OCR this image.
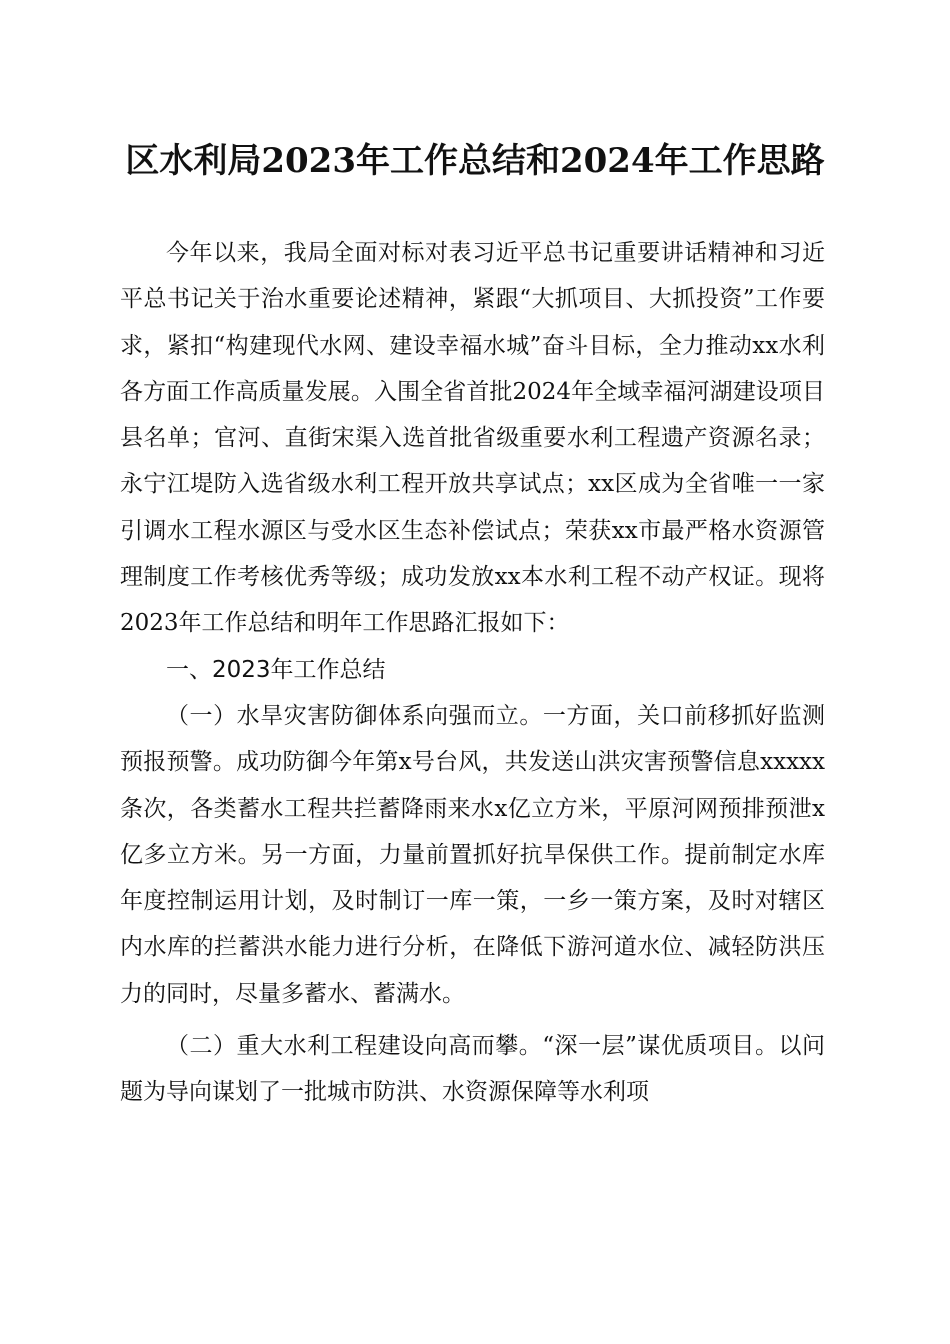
区水利局2023年工作总结和2024年工作思路

今年以来，我局全面对标对表习近平总书记重要讲话精神和习近平总书记关于治水重要论述精神，紧跟“大抓项目、大抓投资”工作要求，紧扣“构建现代水网、建设幸福水城”奋斗目标，全力推动xx水利各方面工作高质量发展。入围全省首批2024年全域幸福河湖建设项目县名单；官河、直街宋渠入选首批省级重要水利工程遗产资源名录；永宁江堤防入选省级水利工程开放共享试点；xx区成为全省唯一一家引调水工程水源区与受水区生态补偿试点；荣获xx市最严格水资源管理制度工作考核优秀等级；成功发放xx本水利工程不动产权证。现将2023年工作总结和明年工作思路汇报如下：

一、2023年工作总结

（一）水旱灾害防御体系向强而立。一方面，关口前移抓好监测预报预警。成功防御今年第x号台风，共发送山洪灾害预警信息xxxxx条次，各类蓄水工程共拦蓄降雨来水x亿立方米，平原河网预排预泄x亿多立方米。另一方面，力量前置抓好抗旱保供工作。提前制定水库年度控制运用计划，及时制订一库一策，一乡一策方案，及时对辖区内水库的拦蓄洪水能力进行分析，在降低下游河道水位、减轻防洪压力的同时，尽量多蓄水、蓄满水。

（二）重大水利工程建设向高而攀。“深一层”谋优质项目。以问题为导向谋划了一批城市防洪、水资源保障等水利项
